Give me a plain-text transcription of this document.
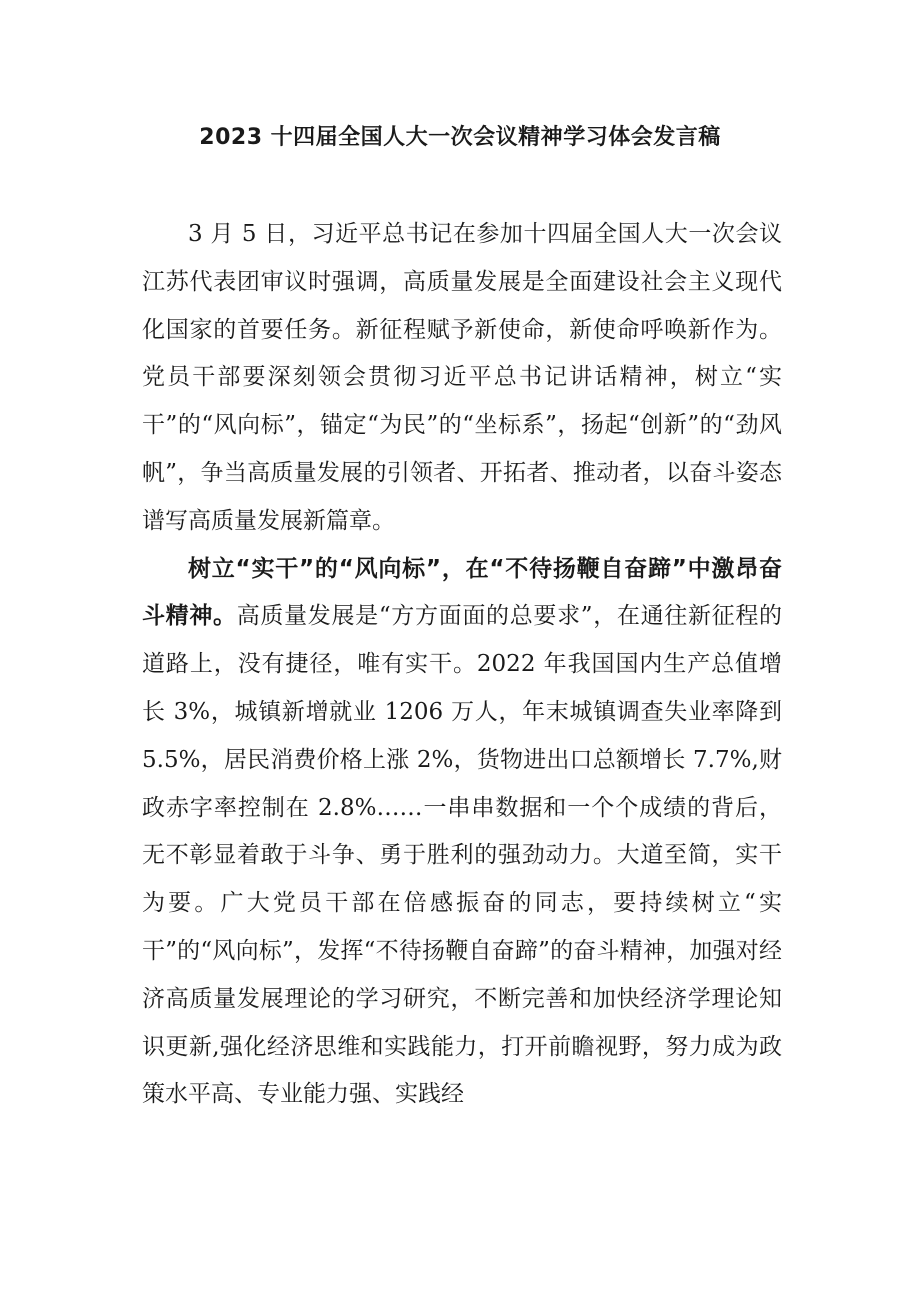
2023 十四届全国人大一次会议精神学习体会发言稿

3 月 5 日，习近平总书记在参加十四届全国人大一次会议江苏代表团审议时强调，高质量发展是全面建设社会主义现代化国家的首要任务。新征程赋予新使命，新使命呼唤新作为。党员干部要深刻领会贯彻习近平总书记讲话精神，树立“实干”的“风向标”，锚定“为民”的“坐标系”，扬起“创新”的“劲风帆”，争当高质量发展的引领者、开拓者、推动者，以奋斗姿态谱写高质量发展新篇章。

树立“实干”的“风向标”，在“不待扬鞭自奋蹄”中激昂奋斗精神。高质量发展是“方方面面的总要求”，在通往新征程的道路上，没有捷径，唯有实干。2022 年我国国内生产总值增长 3%，城镇新增就业 1206 万人，年末城镇调查失业率降到 5.5%，居民消费价格上涨 2%，货物进出口总额增长 7.7%,财政赤字率控制在 2.8%……一串串数据和一个个成绩的背后，无不彰显着敢于斗争、勇于胜利的强劲动力。大道至简，实干为要。广大党员干部在倍感振奋的同志，要持续树立“实干”的“风向标”，发挥“不待扬鞭自奋蹄”的奋斗精神，加强对经济高质量发展理论的学习研究，不断完善和加快经济学理论知识更新,强化经济思维和实践能力，打开前瞻视野，努力成为政策水平高、专业能力强、实践经
